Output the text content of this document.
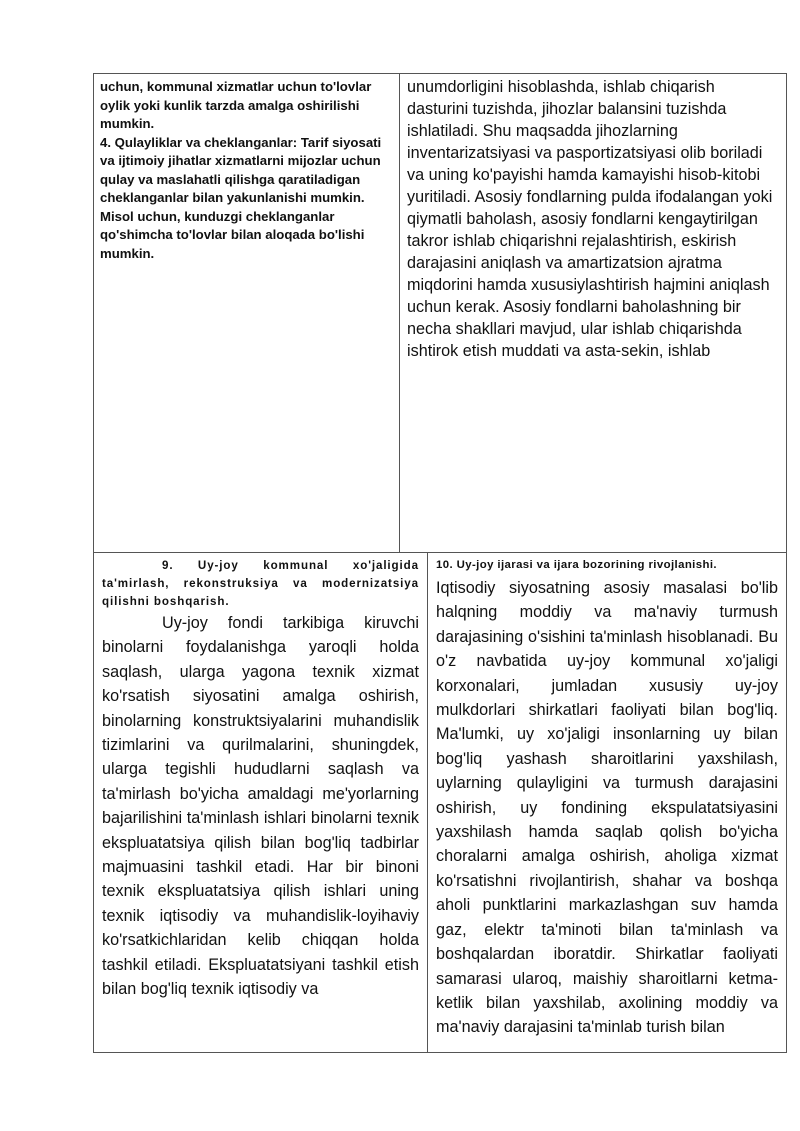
uchun, kommunal xizmatlar uchun to'lovlar oylik yoki kunlik tarzda amalga oshirilishi mumkin.

4. Qulayliklar va cheklanganlar: Tarif siyosati va ijtimoiy jihatlar xizmatlarni mijozlar uchun qulay va maslahatli qilishga qaratiladigan cheklanganlar bilan yakunlanishi mumkin. Misol uchun, kunduzgi cheklanganlar qo'shimcha to'lovlar bilan aloqada bo'lishi mumkin.

unumdorligini hisoblashda, ishlab chiqarish dasturini tuzishda, jihozlar balansini tuzishda ishlatiladi. Shu maqsadda jihozlarning inventarizatsiyasi va pasportizatsiyasi olib boriladi va uning ko'payishi hamda kamayishi hisob-kitobi yuritiladi. Asosiy fondlarning pulda ifodalangan yoki qiymatli baholash, asosiy fondlarni kengaytirilgan takror ishlab chiqarishni rejalashtirish, eskirish darajasini aniqlash va amartizatsion ajratma miqdorini hamda xususiylashtirish hajmini aniqlash uchun kerak. Asosiy fondlarni baholashning bir necha shakllari mavjud, ular ishlab chiqarishda ishtirok etish muddati va asta-sekin, ishlab

9. Uy-joy kommunal xo'jaligida ta'mirlash, rekonstruksiya va modernizatsiya qilishni boshqarish.

Uy-joy fondi tarkibiga kiruvchi binolarni foydalanishga yaroqli holda saqlash, ularga yagona texnik xizmat ko'rsatish siyosatini amalga oshirish, binolarning konstruktsiyalarini muhandislik tizimlarini va qurilmalarini, shuningdek, ularga tegishli hududlarni saqlash va ta'mirlash bo'yicha amaldagi me'yorlarning bajarilishini ta'minlash ishlari binolarni texnik ekspluatatsiya qilish bilan bog'liq tadbirlar majmuasini tashkil etadi. Har bir binoni texnik ekspluatatsiya qilish ishlari uning texnik iqtisodiy va muhandislik-loyihaviy ko'rsatkichlaridan kelib chiqqan holda tashkil etiladi. Ekspluatatsiyani tashkil etish bilan bog'liq texnik iqtisodiy va

10. Uy-joy ijarasi va ijara bozorining rivojlanishi.

Iqtisodiy siyosatning asosiy masalasi bo'lib halqning moddiy va ma'naviy turmush darajasining o'sishini ta'minlash hisoblanadi. Bu o'z navbatida uy-joy kommunal xo'jaligi korxonalari, jumladan xususiy uy-joy mulkdorlari shirkatlari faoliyati bilan bog'liq. Ma'lumki, uy xo'jaligi insonlarning uy bilan bog'liq yashash sharoitlarini yaxshilash, uylarning qulayligini va turmush darajasini oshirish, uy fondining ekspulatatsiyasini yaxshilash hamda saqlab qolish bo'yicha choralarni amalga oshirish, aholiga xizmat ko'rsatishni rivojlantirish, shahar va boshqa aholi punktlarini markazlashgan suv hamda gaz, elektr ta'minoti bilan ta'minlash va boshqalardan iboratdir. Shirkatlar faoliyati samarasi ularoq, maishiy sharoitlarni ketma-ketlik bilan yaxshilab, axolining moddiy va ma'naviy darajasini ta'minlab turish bilan
